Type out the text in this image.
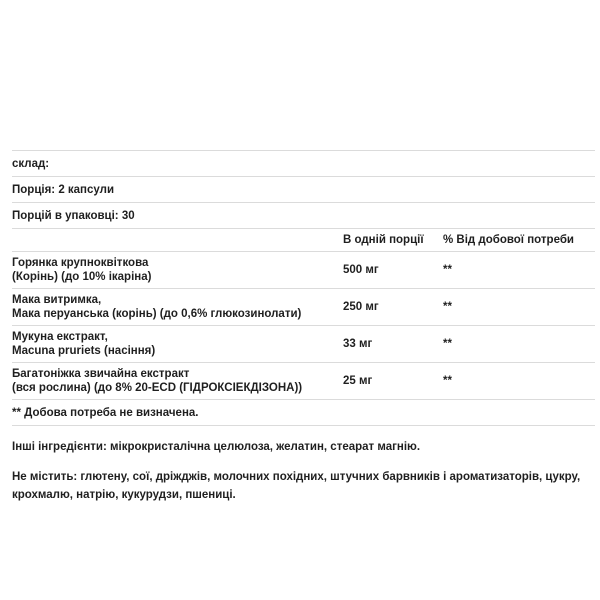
склад:
Порція: 2 капсули
Порцій в упаковці: 30
В одній порції	% Від добової потреби
Горянка крупноквіткова
(Корінь) (до 10% ікаріна)
500 мг	**
Мака витримка,
Мака перуанська (корінь) (до 0,6% глюкозинолати)
250 мг	**
Мукуна екстракт,
Macuna pruriets (насіння)
33 мг	**
Багатоніжка звичайна екстракт
(вся рослина) (до 8% 20-ECD (ГІДРОКСІЕКДІЗОНА))
25 мг	**
** Добова потреба не визначена.

Інші інгредієнти: мікрокристалічна целюлоза, желатин, стеарат магнію.

Не містить: глютену, сої, дріжджів, молочних похідних, штучних барвників і ароматизаторів, цукру, крохмалю, натрію, кукурудзи, пшениці.
